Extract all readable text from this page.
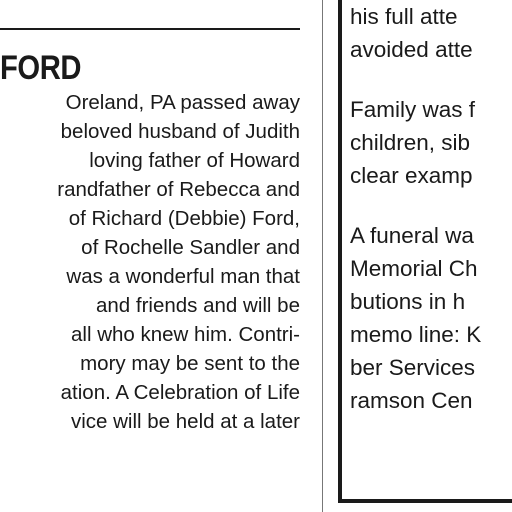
FORD
Oreland, PA passed away
beloved husband of Judith
loving father of Howard
randfather of Rebecca and
of Richard (Debbie) Ford,
of Rochelle Sandler and
was a wonderful man that
and friends and will be
all who knew him. Contri-
mory may be sent to the
ation. A Celebration of Life
vice will be held at a later
his full atte
avoided atte
Family was f
children, sib
clear examp
A funeral wa
Memorial Ch
butions in h
memo line: K
ber Services
ramson Cen
